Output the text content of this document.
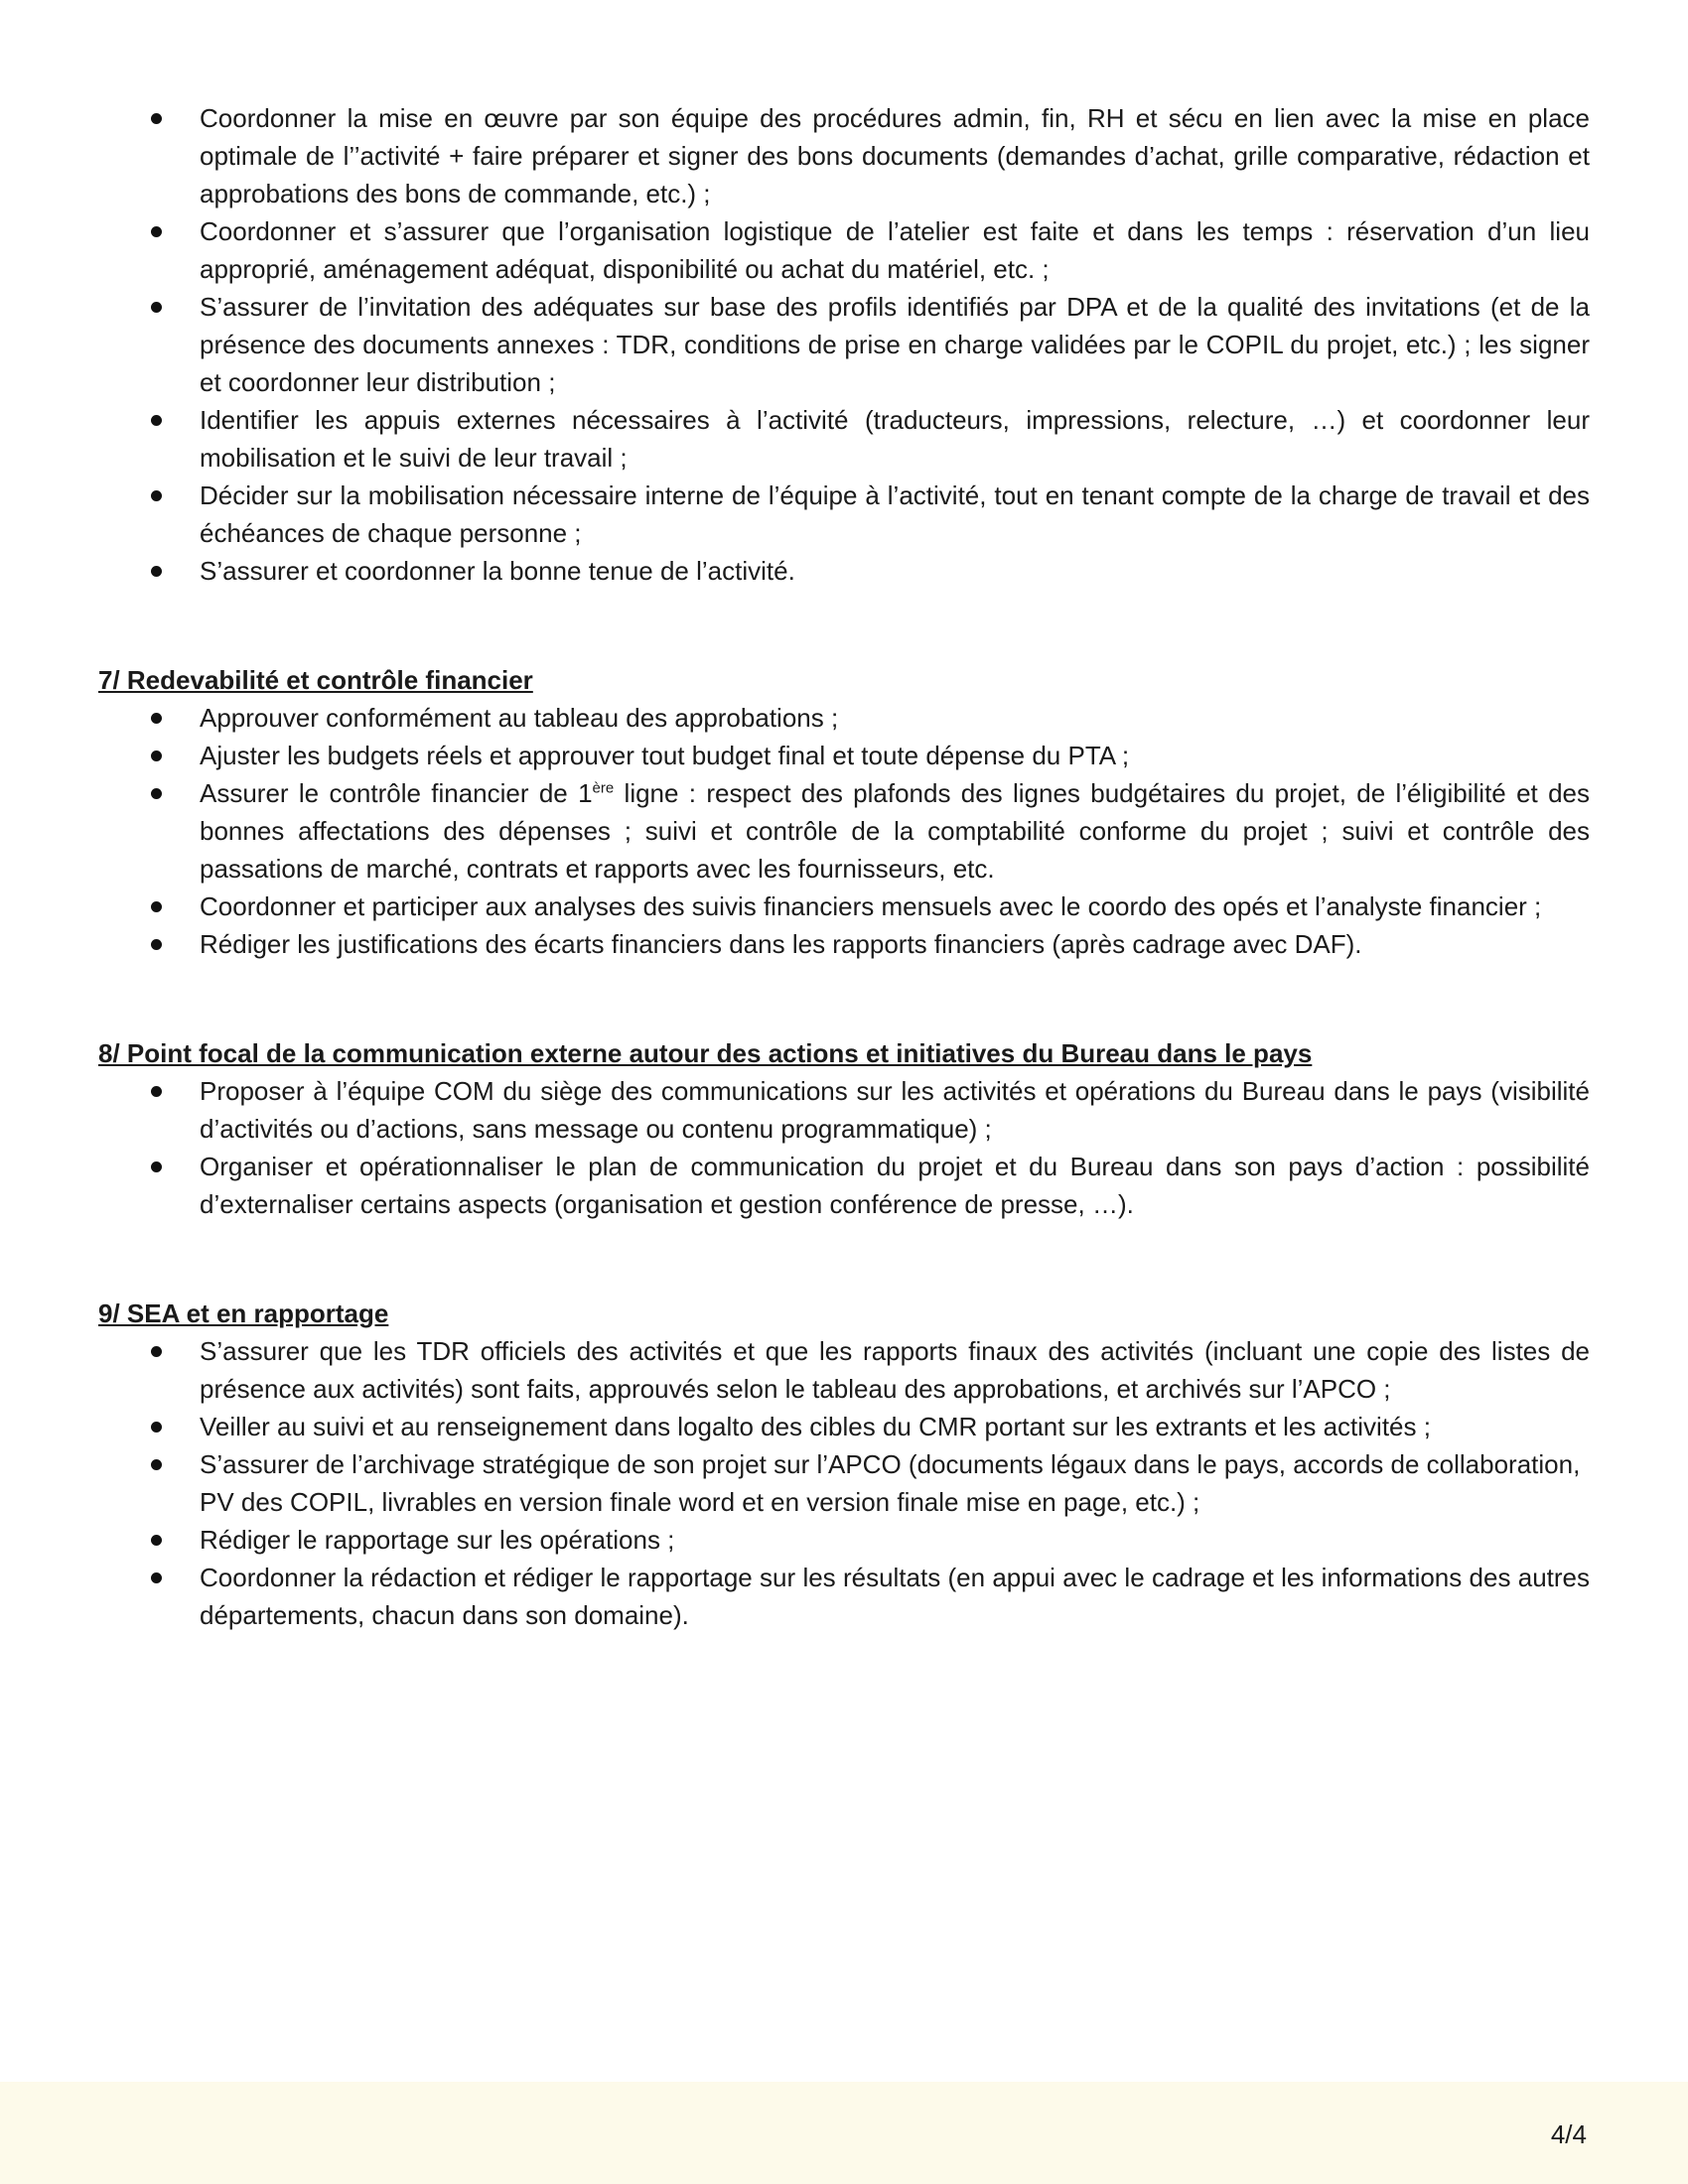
Coordonner la mise en œuvre par son équipe des procédures admin, fin, RH et sécu en lien avec la mise en place optimale de l’’activité + faire préparer et signer des bons documents (demandes d’achat, grille comparative, rédaction et approbations des bons de commande, etc.) ;
Coordonner et s’assurer que l’organisation logistique de l’atelier est faite et dans les temps : réservation d’un lieu approprié, aménagement adéquat, disponibilité ou achat du matériel, etc. ;
S’assurer de l’invitation des adéquates sur base des profils identifiés par DPA et de la qualité des invitations (et de la présence des documents annexes : TDR, conditions de prise en charge validées par le COPIL du projet, etc.) ; les signer et coordonner leur distribution ;
Identifier les appuis externes nécessaires à l’activité (traducteurs, impressions, relecture, …) et coordonner leur mobilisation et le suivi de leur travail ;
Décider sur la mobilisation nécessaire interne de l’équipe à l’activité, tout en tenant compte de la charge de travail et des échéances de chaque personne ;
S’assurer et coordonner la bonne tenue de l’activité.
7/ Redevabilité et contrôle financier
Approuver conformément au tableau des approbations ;
Ajuster les budgets réels et approuver tout budget final et toute dépense du PTA ;
Assurer le contrôle financier de 1ère ligne : respect des plafonds des lignes budgétaires du projet, de l’éligibilité et des bonnes affectations des dépenses ; suivi et contrôle de la comptabilité conforme du projet ; suivi et contrôle des passations de marché, contrats et rapports avec les fournisseurs, etc.
Coordonner et participer aux analyses des suivis financiers mensuels avec le coordo des opés et l’analyste financier ;
Rédiger les justifications des écarts financiers dans les rapports financiers (après cadrage avec DAF).
8/ Point focal de la communication externe autour des actions et initiatives du Bureau dans le pays
Proposer à l’équipe COM du siège des communications sur les activités et opérations du Bureau dans le pays (visibilité d’activités ou d’actions, sans message ou contenu programmatique) ;
Organiser et opérationnaliser le plan de communication du projet et du Bureau dans son pays d’action : possibilité d’externaliser certains aspects (organisation et gestion conférence de presse, …).
9/ SEA et en rapportage
S’assurer que les TDR officiels des activités et que les rapports finaux des activités (incluant une copie des listes de présence aux activités) sont faits, approuvés selon le tableau des approbations, et archivés sur l’APCO ;
Veiller au suivi et au renseignement dans logalto des cibles du CMR portant sur les extrants et les activités ;
S’assurer de l’archivage stratégique de son projet sur l’APCO (documents légaux dans le pays, accords de collaboration, PV des COPIL, livrables en version finale word et en version finale mise en page, etc.) ;
Rédiger le rapportage sur les opérations ;
Coordonner la rédaction et rédiger le rapportage sur les résultats (en appui avec le cadrage et les informations des autres départements, chacun dans son domaine).
4/4
